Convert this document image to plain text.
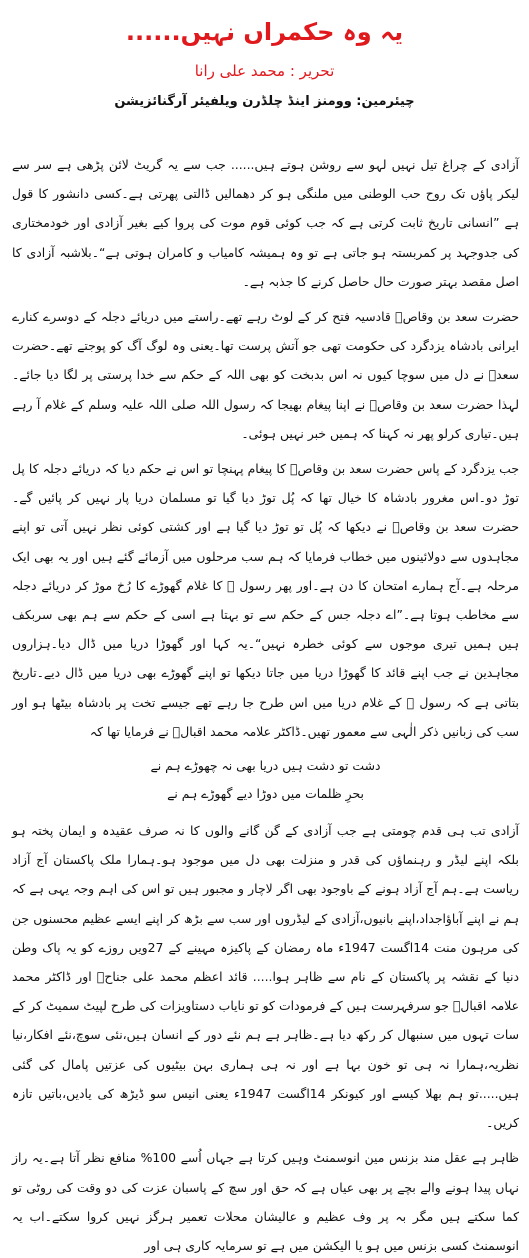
یہ وہ حکمراں نہیں......
تحریر : محمد علی رانا
چیئرمین: وومنز اینڈ چلڈرن ویلفیئر آرگنائزیشن

آزادی کے چراغ تیل نہیں لہو سے روشن ہوتے ہیں...... جب سے یہ گریٹ لائن پڑھی ہے سر سے لیکر پاؤں تک روح حب الوطنی میں ملنگی ہو کر دھمالیں ڈالتی پھرتی ہے۔کسی دانشور کا قول ہے ”انسانی تاریخ ثابت کرتی ہے کہ جب کوئی قوم موت کی پروا کیے بغیر آزادی اور خودمختاری کی جدوجہد پر کمربستہ ہو جاتی ہے تو وہ ہمیشہ کامیاب و کامران ہوتی ہے“۔بلاشبہ آزادی کا اصل مقصد بہتر صورت حال حاصل کرنے کا جذبہ ہے۔

حضرت سعد بن وقاصؓ قادسیہ فتح کر کے لوٹ رہے تھے۔راستے میں دریائے دجلہ کے دوسرے کنارے ایرانی بادشاہ یزدگرد کی حکومت تھی جو آتش پرست تھا۔یعنی وہ لوگ آگ کو پوجتے تھے۔حضرت سعدؓ نے دل میں سوچا کیوں نہ اس بدبخت کو بھی اللہ کے حکم سے خدا پرستی پر لگا دیا جائے۔لہذا حضرت سعد بن وقاصؓ نے اپنا پیغام بھیجا کہ رسول اللہ صلی اللہ علیہ وسلم کے غلام آ رہے ہیں۔تیاری کرلو پھر نہ کہنا کہ ہمیں خبر نہیں ہوئی۔

جب یزدگرد کے پاس حضرت سعد بن وقاصؓ کا پیغام پہنچا تو اس نے حکم دیا کہ دریائے دجلہ کا پل توڑ دو۔اس مغرور بادشاہ کا خیال تھا کہ پُل توڑ دیا گیا تو مسلمان دریا پار نہیں کر پائیں گے۔حضرت سعد بن وقاصؓ نے دیکھا کہ پُل تو توڑ دیا گیا ہے اور کشتی کوئی نظر نہیں آتی تو اپنے مجاہدوں سے دولائینوں میں خطاب فرمایا کہ ہم سب مرحلوں میں آزمائے گئے ہیں اور یہ بھی ایک مرحلہ ہے۔آج ہمارے امتحان کا دن ہے۔اور پھر رسول ﷺ کا غلام گھوڑے کا رُخ موڑ کر دریائے دجلہ سے مخاطب ہوتا ہے۔”اے دجلہ جس کے حکم سے تو بہتا ہے اسی کے حکم سے ہم بھی سربکف ہیں ہمیں تیری موجوں سے کوئی خطرہ نہیں“۔یہ کہا اور گھوڑا دریا میں ڈال دیا۔ہزاروں مجاہدین نے جب اپنے قائد کا گھوڑا دریا میں جاتا دیکھا تو اپنے گھوڑے بھی دریا میں ڈال دیے۔تاریخ بتاتی ہے کہ رسول ﷺ کے غلام دریا میں اس طرح جا رہے تھے جیسے تخت پر بادشاہ بیٹھا ہو اور سب کی زبانیں ذکر الٰہی سے معمور تھیں۔ڈاکٹر علامہ محمد اقبالؒ نے فرمایا تھا کہ

دشت تو دشت ہیں دریا بھی نہ چھوڑے ہم نے
بحرِ ظلمات میں دوڑا دیے گھوڑے ہم نے

آزادی تب ہی قدم چومتی ہے جب آزادی کے گن گانے والوں کا نہ صرف عقیدہ و ایمان پختہ ہو بلکہ اپنے لیڈر و رہنماؤں کی قدر و منزلت بھی دل میں موجود ہو۔ہمارا ملک پاکستان آج آزاد ریاست ہے۔ہم آج آزاد ہونے کے باوجود بھی اگر لاچار و مجبور ہیں تو اس کی اہم وجہ یہی ہے کہ ہم نے اپنے آباؤاجداد،اپنے بانیوں،آزادی کے لیڈروں اور سب سے بڑھ کر اپنے ایسے عظیم محسنوں جن کی مرہون منت 14اگست 1947ء ماہ رمضان کے پاکیزہ مہینے کے 27ویں روزے کو یہ پاک وطن دنیا کے نقشہ پر پاکستان کے نام سے ظاہر ہوا..... قائد اعظم محمد علی جناحؒ اور ڈاکٹر محمد علامہ اقبالؒ جو سرفہرست ہیں کے فرمودات کو تو نایاب دستاویزات کی طرح لپیٹ سمیٹ کر کے سات تہوں میں سنبھال کر رکھ دیا ہے۔ظاہر ہے ہم نئے دور کے انسان ہیں،نئی سوچ،نئے افکار،نیا نظریہ،ہمارا نہ ہی تو خون بہا ہے اور نہ ہی ہماری بہن بیٹیوں کی عزتیں پامال کی گئی ہیں.....تو ہم بھلا کیسے اور کیونکر 14اگست 1947ء یعنی انیس سو ڈیڑھ کی یادیں،باتیں تازہ کریں۔

ظاہر ہے عقل مند بزنس مین انوسمنٹ وہیں کرتا ہے جہاں اُسے 100% منافع نظر آتا ہے۔یہ راز نہاں پیدا ہونے والے بچے پر بھی عیاں ہے کہ حق اور سچ کے پاسبان عزت کی دو وقت کی روٹی تو کما سکتے ہیں مگر بہ پر وف عظیم و عالیشان محلات تعمیر ہرگز نہیں کروا سکتے۔اب یہ انوسمنٹ کسی بزنس میں ہو یا الیکشن میں ہے تو سرمایہ کاری ہی اور
